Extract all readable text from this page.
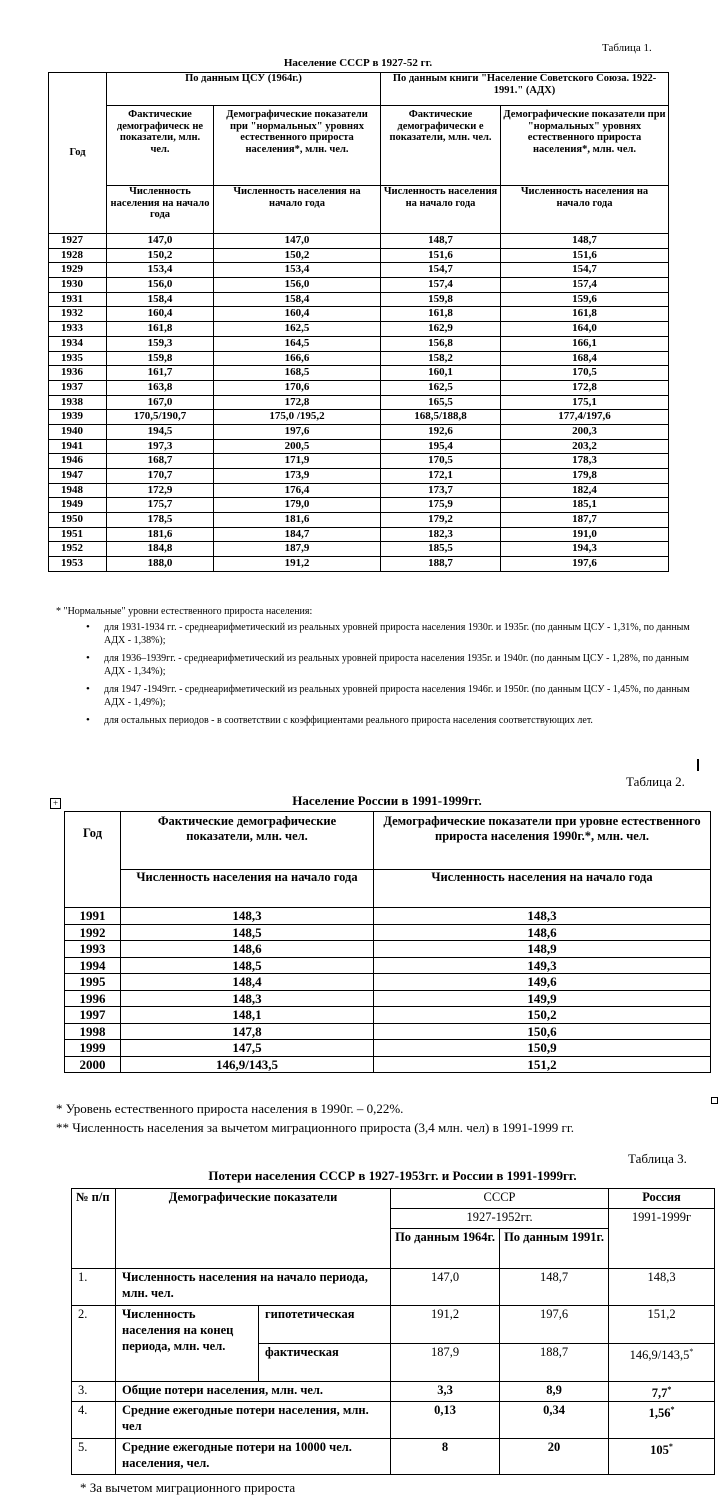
Таблица 1.
Население СССР в 1927-52 гг.
Год	По данным ЦСУ (1964г.)		По данным книги "Население Советского Союза. 1922-1991." (АДХ)	
	Фактические демографическ не показатели, млн. чел.	Демографические показатели при "нормальных" уровнях естественного прироста населения*, млн. чел.	Фактические демографически е показатели, млн. чел.	Демографические показатели при "нормальных" уровнях естественного прироста населения*, млн. чел.
	Численность населения на начало года	Численность населения на начало года	Численность населения на начало года	Численность населения на начало года
1927	147,0	147,0	148,7	148,7
1928	150,2	150,2	151,6	151,6
1929	153,4	153,4	154,7	154,7
1930	156,0	156,0	157,4	157,4
1931	158,4	158,4	159,8	159,6
1932	160,4	160,4	161,8	161,8
1933	161,8	162,5	162,9	164,0
1934	159,3	164,5	156,8	166,1
1935	159,8	166,6	158,2	168,4
1936	161,7	168,5	160,1	170,5
1937	163,8	170,6	162,5	172,8
1938	167,0	172,8	165,5	175,1
1939	170,5/190,7	175,0 /195,2	168,5/188,8	177,4/197,6
1940	194,5	197,6	192,6	200,3
1941	197,3	200,5	195,4	203,2
1946	168,7	171,9	170,5	178,3
1947	170,7	173,9	172,1	179,8
1948	172,9	176,4	173,7	182,4
1949	175,7	179,0	175,9	185,1
1950	178,5	181,6	179,2	187,7
1951	181,6	184,7	182,3	191,0
1952	184,8	187,9	185,5	194,3
1953	188,0	191,2	188,7	197,6
* "Нормальные" уровни естественного прироста населения:
• для 1931-1934 гг. - среднеарифметический из реальных уровней прироста населения 1930г. и 1935г. (по данным ЦСУ - 1,31%, по данным АДХ - 1,38%);
• для 1936–1939гг. - среднеарифметический из реальных уровней прироста населения 1935г. и 1940г. (по данным ЦСУ - 1,28%, по данным АДХ - 1,34%);
• для 1947 -1949гг. - среднеарифметический из реальных уровней прироста населения 1946г. и 1950г. (по данным ЦСУ - 1,45%, по данным АДХ - 1,49%);
• для остальных периодов - в соответствии с коэффициентами реального прироста населения соответствующих лет.
Таблица 2.
Население России в 1991-1999гг.
+
Год	Фактические демографические показатели, млн. чел.	Демографические показатели при уровне естественного прироста населения 1990г.*, млн. чел.
	Численность населения на начало года	Численность населения на начало года
1991	148,3	148,3
1992	148,5	148,6
1993	148,6	148,9
1994	148,5	149,3
1995	148,4	149,6
1996	148,3	149,9
1997	148,1	150,2
1998	147,8	150,6
1999	147,5	150,9
2000	146,9/143,5	151,2
* Уровень естественного прироста населения в 1990г. – 0,22%.
** Численность населения за вычетом миграционного прироста (3,4 млн. чел) в 1991-1999 гг.
Таблица 3.
Потери населения СССР в 1927-1953гг. и России в 1991-1999гг.
№ п/п	Демографические показатели		СССР		Россия
			1927-1952гг.		1991-1999г
			По данным 1964г.	По данным 1991г.	
1.	Численность населения на начало периода, млн. чел.		147,0	148,7	148,3
2.	Численность населения на конец периода, млн. чел.	гипотетическая	191,2	197,6	151,2
		фактическая	187,9	188,7	146,9/143,5*
3.	Общие потери населения, млн. чел.		3,3	8,9	7,7*
4.	Средние ежегодные потери населения, млн. чел		0,13	0,34	1,56*
5.	Средние ежегодные потери на 10000 чел. населения, чел.		8	20	105*
* За вычетом миграционного прироста
